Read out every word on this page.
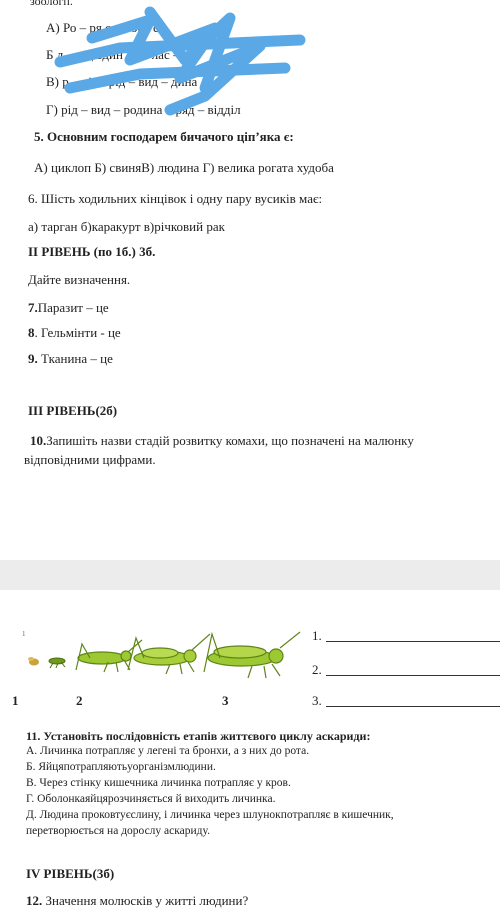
зоологп.
А) Ро – ря с – поря с
Б д – рід один – ря лас – ил
В) р – дії – рід – вид – дина
Г) рід – вид – родина – ряд – відділ
5. Основним господарем бичачого ціп’яка є:
А) циклоп Б) свиняВ) людина Г) велика рогата худоба
6. Шість ходильних кінцівок і одну пару вусиків має:
а) тарган б)каракурт в)річковий рак
ІІ РІВЕНЬ (по 1б.) 3б.
Дайте визначення.
7.Паразит – це
8. Гельмінти - це
9. Тканина – це
ІІІ РІВЕНЬ(2б)
10.Запишіть назви стадій розвитку комахи, що позначені на малюнку
відповідними цифрами.
1
1	2	3
1.
2.
3.
11. Установіть послідовність етапів життєвого циклу аскариди:
А. Личинка потрапляє у легені та бронхи, а з них до рота.
Б. Яйцяпотрапляютьуорганізмлюдини.
В. Через стінку кишечника личинка потрапляє у кров.
Г. Оболонкаяйцярозчиняється й виходить личинка.
Д. Людина проковтуєслину, і личинка через шлунокпотрапляє в кишечник,
перетворюється на дорослу аскариду.
IV РІВЕНЬ(3б)
12. Значення молюсків у житті людини?
